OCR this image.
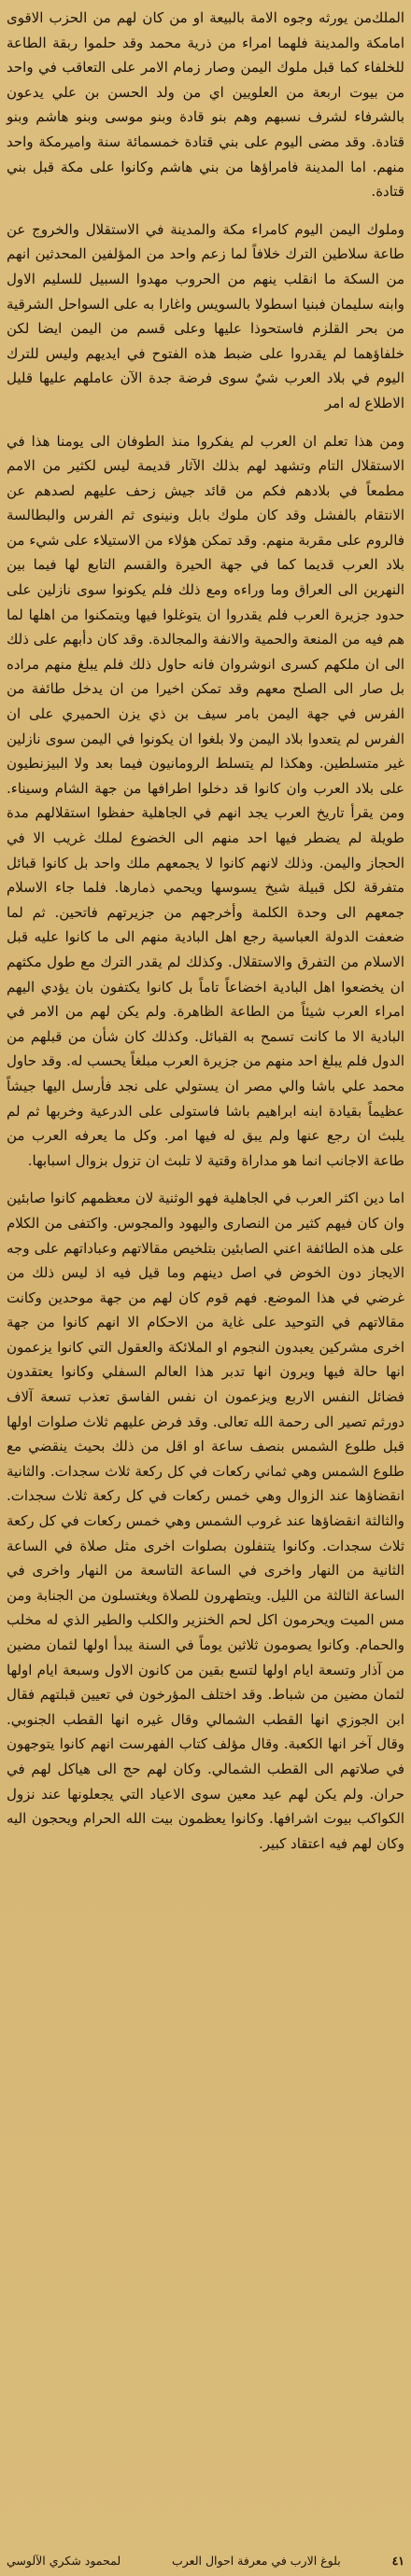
الملك‌من يورثه وجوه الامة بالبيعة او من كان لهم من الحزب الاقوى امامكة والمدينة فلهما امراء من ذرية محمد وقد حلموا ربقة الطاعة للخلفاء كما قبل ملوك اليمن وصار زمام الامر على التعاقب في واحد من بيوت اربعة من العلويين اي من ولد الحسن بن علي يدعون بالشرفاء لشرف نسبهم وهم بنو قادة وبنو موسى وبنو هاشم وبنو قتادة. وقد مضى اليوم على بني قتادة خمسمائة سنة واميرمكة واحد منهم. اما المدينة فامراؤها من بني هاشم وكانوا على مكة قبل بني قتادة.

وملوك اليمن اليوم كامراء مكة والمدينة في الاستقلال والخروج عن طاعة سلاطين الترك خلافاً لما زعم واحد من المؤلفين المحدثين انهم من السكة ما انقلب ينهم من الحروب مهدوا السبيل للسليم الاول وابنه سليمان فبنيا اسطولا بالسويس واغارا به على السواحل الشرقية من بحر القلزم فاستحوذا عليها وعلى قسم من اليمن ايضا لكن خلفاؤهما لم يقدروا على ضبط هذه الفتوح في ايديهم وليس للترك اليوم في بلاد العرب شيٌ سوى فرضة جدة الآن عاملهم عليها قليل الاطلاع له امر

ومن هذا تعلم ان العرب لم يفكروا منذ الطوفان الى يومنا هذا في الاستقلال التام وتشهد لهم بذلك الآثار قديمة ليس لكثير من الامم مطمعاً في بلادهم فكم من قائد جيش زحف عليهم لصدهم عن الانتقام بالفشل وقد كان ملوك بابل ونينوى ثم الفرس والبطالسة فالروم على مقربة منهم. وقد تمكن هؤلاء من الاستيلاء على شيء من بلاد العرب قديما كما في جهة الحيرة والقسم التابع لها فيما بين النهرين الى العراق وما وراءه ومع ذلك فلم يكونوا سوى نازلين على حدود جزيرة العرب فلم يقدروا ان يتوغلوا فيها ويتمكنوا من اهلها لما هم فيه من المنعة والحمية والانفة والمجالدة. وقد كان دأبهم على ذلك الى ان ملكهم كسرى انوشروان فانه حاول ذلك فلم يبلغ منهم مراده بل صار الى الصلح معهم وقد تمكن اخيرا من ان يدخل طائفة من الفرس في جهة اليمن بامر سيف بن ذي يزن الحميري على ان الفرس لم يتعدوا بلاد اليمن ولا بلغوا ان يكونوا في اليمن سوى نازلين غير متسلطين. وهكذا لم يتسلط الرومانيون فيما بعد ولا البيزنطيون على بلاد العرب وان كانوا قد دخلوا اطرافها من جهة الشام وسيناء. ومن يقرأ تاريخ العرب يجد انهم في الجاهلية حفظوا استقلالهم مدة طويلة لم يضطر فيها احد منهم الى الخضوع لملك غريب الا في الحجاز واليمن. وذلك لانهم كانوا لا يجمعهم ملك واحد بل كانوا قبائل متفرقة لكل قبيلة شيخ يسوسها ويحمي ذمارها. فلما جاء الاسلام جمعهم الى وحدة الكلمة وأخرجهم من جزيرتهم فاتحين. ثم لما ضعفت الدولة العباسية رجع اهل البادية منهم الى ما كانوا عليه قبل الاسلام من التفرق والاستقلال. وكذلك لم يقدر الترك مع طول مكثهم ان يخضعوا اهل البادية اخضاعاً تاماً بل كانوا يكتفون بان يؤدي اليهم امراء العرب شيئاً من الطاعة الظاهرة. ولم يكن لهم من الامر في البادية الا ما كانت تسمح به القبائل. وكذلك كان شأن من قبلهم من الدول فلم يبلغ احد منهم من جزيرة العرب مبلغاً يحسب له. وقد حاول محمد علي باشا والي مصر ان يستولي على نجد فأرسل اليها جيشاً عظيماً بقيادة ابنه ابراهيم باشا فاستولى على الدرعية وخربها ثم لم يلبث ان رجع عنها ولم يبق له فيها امر. وكل ما يعرفه العرب من طاعة الاجانب انما هو مداراة وقتية لا تلبث ان تزول بزوال اسبابها.

اما دين اكثر العرب في الجاهلية فهو الوثنية لان معظمهم كانوا صابئين وان كان فيهم كثير من النصارى واليهود والمجوس. واكتفى من الكلام على هذه الطائفة اعني الصابئين بتلخيص مقالاتهم وعباداتهم على وجه الايجاز دون الخوض في اصل دينهم وما قيل فيه اذ ليس ذلك من غرضي في هذا الموضع. فهم قوم كان لهم من جهة موحدين وكانت مقالاتهم في التوحيد على غاية من الاحكام الا انهم كانوا من جهة اخرى مشركين يعبدون النجوم او الملائكة والعقول التي كانوا يزعمون انها حالة فيها ويرون انها تدبر هذا العالم السفلي وكانوا يعتقدون فضائل النفس الاربع ويزعمون ان نفس الفاسق تعذب تسعة آلاف دورثم تصير الى رحمة الله تعالى. وقد فرض عليهم ثلاث صلوات اولها قبل طلوع الشمس بنصف ساعة او اقل من ذلك بحيث ينقضي مع طلوع الشمس وهي ثماني ركعات في كل ركعة ثلاث سجدات. والثانية انقضاؤها عند الزوال وهي خمس ركعات في كل ركعة ثلاث سجدات. والثالثة انقضاؤها عند غروب الشمس وهي خمس ركعات في كل ركعة ثلاث سجدات. وكانوا يتنفلون بصلوات اخرى مثل صلاة في الساعة الثانية من النهار واخرى في الساعة التاسعة من النهار واخرى في الساعة الثالثة من الليل. ويتطهرون للصلاة ويغتسلون من الجنابة ومن مس الميت ويحرمون اكل لحم الخنزير والكلب والطير الذي له مخلب والحمام. وكانوا يصومون ثلاثين يوماً في السنة يبدأ اولها لثمان مضين من آذار وتسعة ايام اولها لتسع بقين من كانون الاول وسبعة ايام اولها لثمان مضين من شباط. وقد اختلف المؤرخون في تعيين قبلتهم فقال ابن الجوزي انها القطب الشمالي وقال غيره انها القطب الجنوبي. وقال آخر انها الكعبة. وقال مؤلف كتاب الفهرست انهم كانوا يتوجهون في صلاتهم الى القطب الشمالي. وكان لهم حج الى هياكل لهم في حران. ولم يكن لهم عيد معين سوى الاعياد التي يجعلونها عند نزول الكواكب بيوت اشرافها. وكانوا يعظمون بيت الله الحرام ويحجون اليه وكان لهم فيه اعتقاد كبير.

٤١
بلوغ الارب في معرفة احوال العرب
لمحمود شكري الآلوسي
